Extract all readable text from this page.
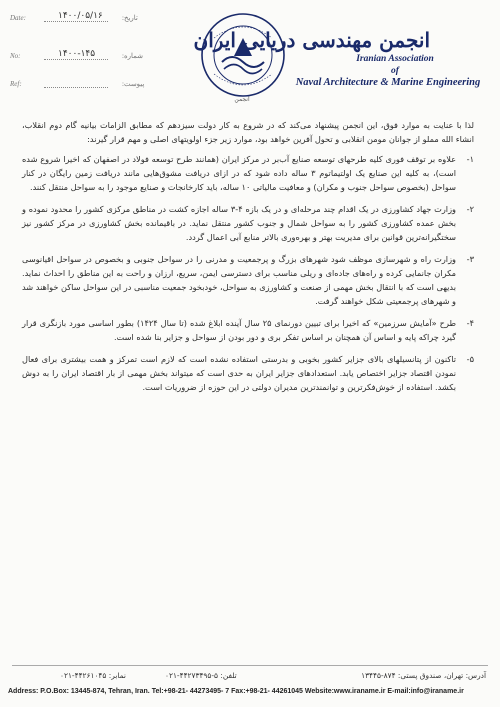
Date:	۱۴۰۰/۰۵/۱۶	تاریخ:
No:	۱۴۰۰-۱۴۵	شماره:
Ref:	پیوست:
انجمن
انجمن مهندسی دریایی ایران
Iranian Association
of
Naval Architecture & Marine Engineering

لذا با عنایت به موارد فوق، این انجمن پیشنهاد می‌کند که در شروع به کار دولت سیزدهم که مطابق الزامات بیانیه گام دوم انقلاب، انشاء الله مملو از جوانان مومن انقلابی و تحول آفرین خواهد بود، موارد زیر جزء اولویتهای اصلی و مهم قرار گیرند:

۱-
علاوه بر توقف فوری کلیه طرحهای توسعه صنایع آب‌بر در مرکز ایران (همانند طرح توسعه فولاد در اصفهان که اخیرا شروع شده است)، به کلیه این صنایع یک اولتیماتوم ۳ ساله داده شود که در ازای دریافت مشوق‌هایی مانند دریافت زمین رایگان در کنار سواحل (بخصوص سواحل جنوب و مکران) و معافیت مالیاتی ۱۰ ساله، باید کارخانجات و صنایع موجود را به سواحل منتقل کنند.
۲-
وزارت جهاد کشاورزی در یک اقدام چند مرحله‌ای و در یک بازه ۴-۳ ساله اجازه کشت در مناطق مرکزی کشور را محدود نموده و بخش عمده کشاورزی کشور را به سواحل شمال و جنوب کشور منتقل نماید. در باقیمانده بخش کشاورزی در مرکز کشور نیز سختگیرانه‌ترین قوانین برای مدیریت بهتر و بهره‌وری بالاتر منابع آبی اعمال گردد.
۳-
وزارت راه و شهرسازی موظف شود شهرهای بزرگ و پرجمعیت و مدرنی را در سواحل جنوبی و بخصوص در سواحل اقیانوسی مکران جانمایی کرده و راه‌های جاده‌ای و ریلی مناسب برای دسترسی ایمن، سریع، ارزان و راحت به این مناطق را احداث نماید. بدیهی است که با انتقال بخش مهمی از صنعت و کشاورزی به سواحل، خودبخود جمعیت مناسبی در این سواحل ساکن خواهند شد و شهرهای پرجمعیتی شکل خواهند گرفت.
۴-
طرح «آمایش سرزمین» که اخیرا برای تبیین دورنمای ۲۵ سال آینده ابلاغ شده (تا سال ۱۴۲۴) بطور اساسی مورد بازنگری قرار گیرد چراکه پایه و اساس آن همچنان بر اساس تفکر بری و دور بودن از سواحل و جزایر بنا شده است.
۵-
تاکنون از پتانسیلهای بالای جزایر کشور بخوبی و بدرستی استفاده نشده است که لازم است تمرکز و همت بیشتری برای فعال نمودن اقتصاد جزایر اختصاص یابد. استعدادهای جزایر ایران به حدی است که میتواند بخش مهمی از بار اقتصاد ایران را به دوش بکشد. استفاده از خوش‌فکرترین و توانمندترین مدیران دولتی در این حوزه از ضروریات است.
آدرس: تهران، صندوق پستی: ۸۷۴-۱۳۴۴۵
تلفن: ۵-۴۴۲۷۳۴۹۵-۰۲۱
نمابر: ۴۴۲۶۱۰۴۵-۰۲۱
Address: P.O.Box: 13445-874, Tehran, Iran. Tel:+98-21- 44273495- 7 Fax:+98-21- 44261045 Website:www.iraname.ir E-mail:info@iraname.ir
